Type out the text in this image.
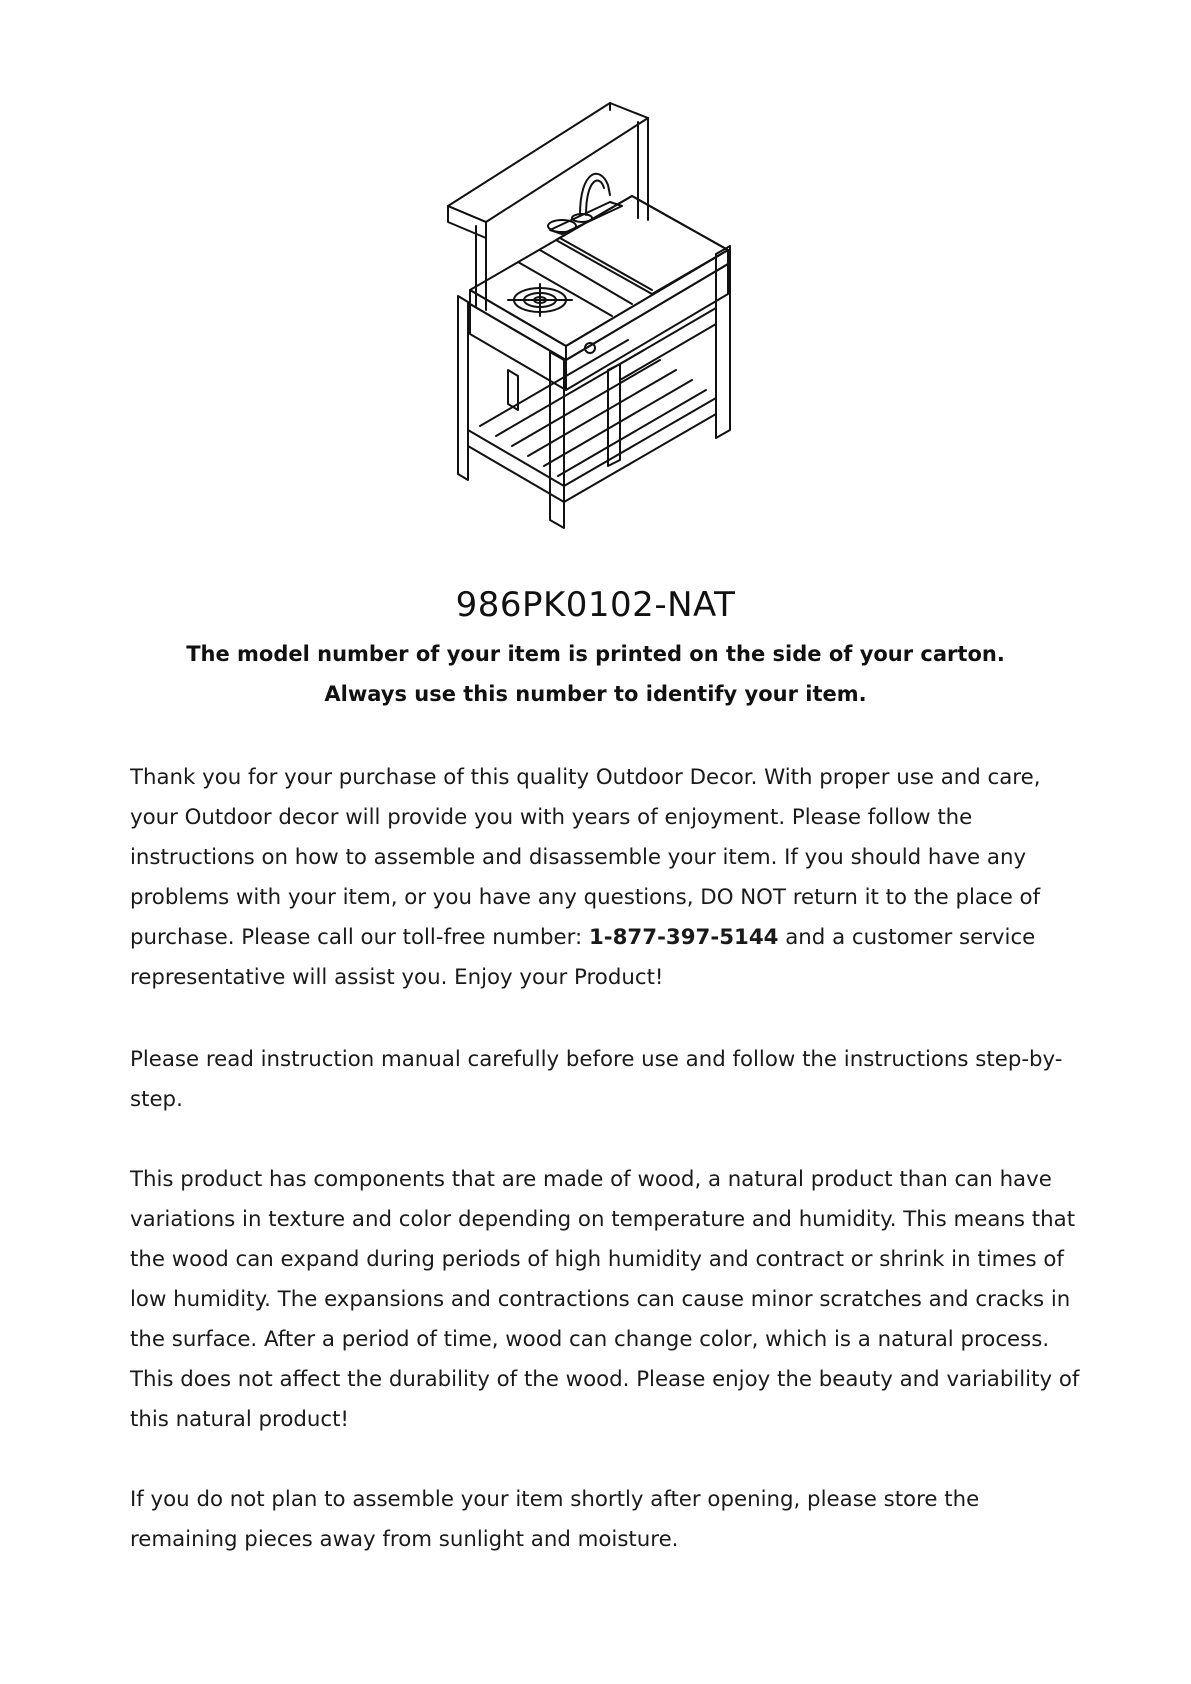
986PK0102-NAT
The model number of your item is printed on the side of your carton.
Always use this number to identify your item.

Thank you for your purchase of this quality Outdoor Decor. With proper use and care, your Outdoor decor will provide you with years of enjoyment. Please follow the instructions on how to assemble and disassemble your item. If you should have any problems with your item, or you have any questions, DO NOT return it to the place of purchase. Please call our toll-free number: 1-877-397-5144 and a customer service representative will assist you. Enjoy your Product!

Please read instruction manual carefully before use and follow the instructions step-by-step.

This product has components that are made of wood, a natural product than can have variations in texture and color depending on temperature and humidity. This means that the wood can expand during periods of high humidity and contract or shrink in times of low humidity. The expansions and contractions can cause minor scratches and cracks in the surface. After a period of time, wood can change color, which is a natural process. This does not affect the durability of the wood. Please enjoy the beauty and variability of this natural product!

If you do not plan to assemble your item shortly after opening, please store the remaining pieces away from sunlight and moisture.
